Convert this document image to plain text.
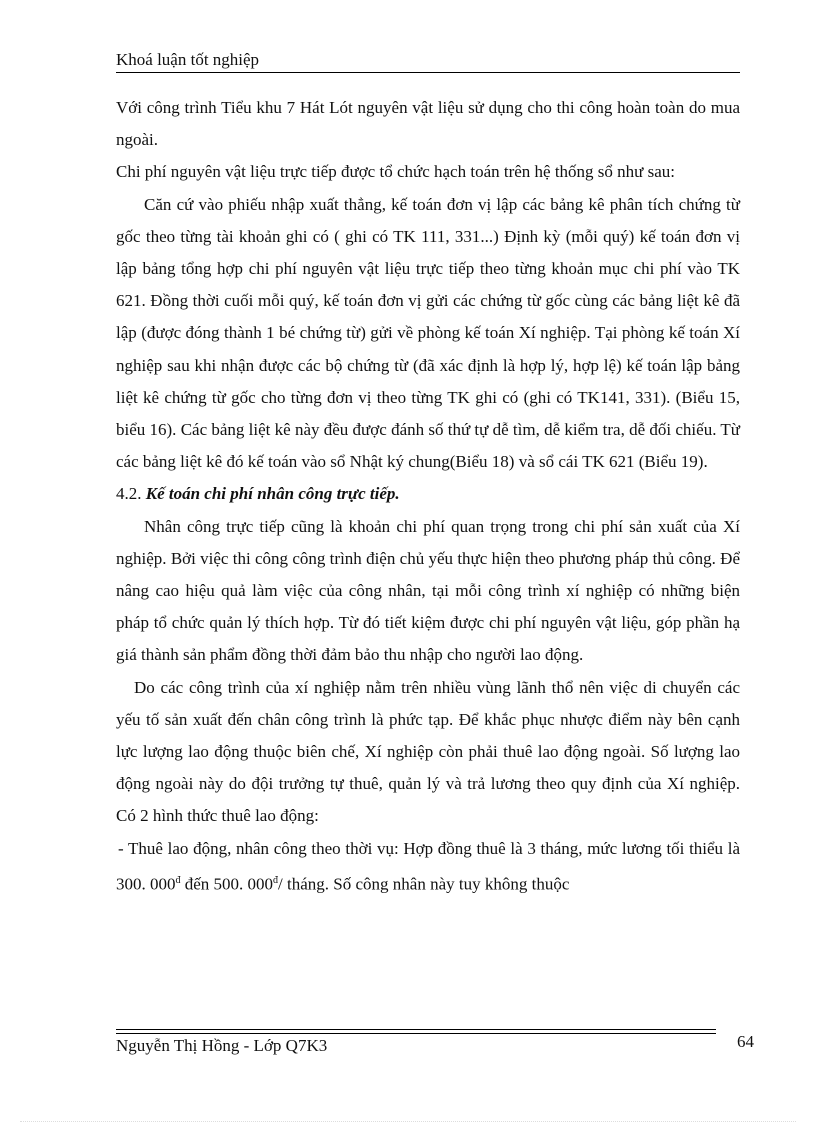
Khoá luận tốt nghiệp

Với công trình Tiểu khu 7 Hát Lót nguyên vật liệu sử dụng cho thi công hoàn toàn do mua ngoài.

Chi phí nguyên vật liệu trực tiếp được tổ chức hạch toán trên hệ thống sổ như sau:

Căn cứ vào phiếu nhập xuất thẳng, kế toán đơn vị lập các bảng kê phân tích chứng từ gốc theo từng tài khoản ghi có ( ghi có TK 111, 331...) Định kỳ (mỗi quý) kế toán đơn vị lập bảng tổng hợp chi phí nguyên vật liệu trực tiếp theo từng khoản mục chi phí vào TK 621. Đồng thời cuối mỗi quý, kế toán đơn vị gửi các chứng từ gốc cùng các bảng liệt kê đã lập (được đóng thành 1 bé chứng từ) gửi về phòng kế toán Xí nghiệp. Tại phòng kế toán Xí nghiệp sau khi nhận được các bộ chứng từ (đã xác định là hợp lý, hợp lệ) kế toán lập bảng liệt kê chứng từ gốc cho từng đơn vị theo từng TK ghi có (ghi có TK141, 331). (Biểu 15, biểu 16). Các bảng liệt kê này đều được đánh số thứ tự dễ tìm, dễ kiểm tra, dễ đối chiếu. Từ các bảng liệt kê đó kế toán vào sổ Nhật ký chung(Biểu 18) và sổ cái TK 621 (Biểu 19).

4.2. Kế toán chi phí nhân công trực tiếp.

Nhân công trực tiếp cũng là khoản chi phí quan trọng trong chi phí sản xuất của Xí nghiệp. Bởi việc thi công công trình điện chủ yếu thực hiện theo phương pháp thủ công. Để nâng cao hiệu quả làm việc của công nhân, tại mỗi công trình xí nghiệp có những biện pháp tổ chức quản lý thích hợp. Từ đó tiết kiệm được chi phí nguyên vật liệu, góp phần hạ giá thành sản phẩm đồng thời đảm bảo thu nhập cho người lao động.

Do các công trình của xí nghiệp nằm trên nhiều vùng lãnh thổ nên việc di chuyển các yếu tố sản xuất đến chân công trình là phức tạp. Để khắc phục nhược điểm này bên cạnh lực lượng lao động thuộc biên chế, Xí nghiệp còn phải thuê lao động ngoài. Số lượng lao động ngoài này do đội trưởng tự thuê, quản lý và trả lương theo quy định của Xí nghiệp. Có 2 hình thức thuê lao động:

- Thuê lao động, nhân công theo thời vụ: Hợp đồng thuê là 3 tháng, mức lương tối thiểu là 300. $000^đ$ đến 500. $000^đ/$ tháng. Số công nhân này tuy không thuộc

Nguyễn Thị Hồng - Lớp Q7K3	64
